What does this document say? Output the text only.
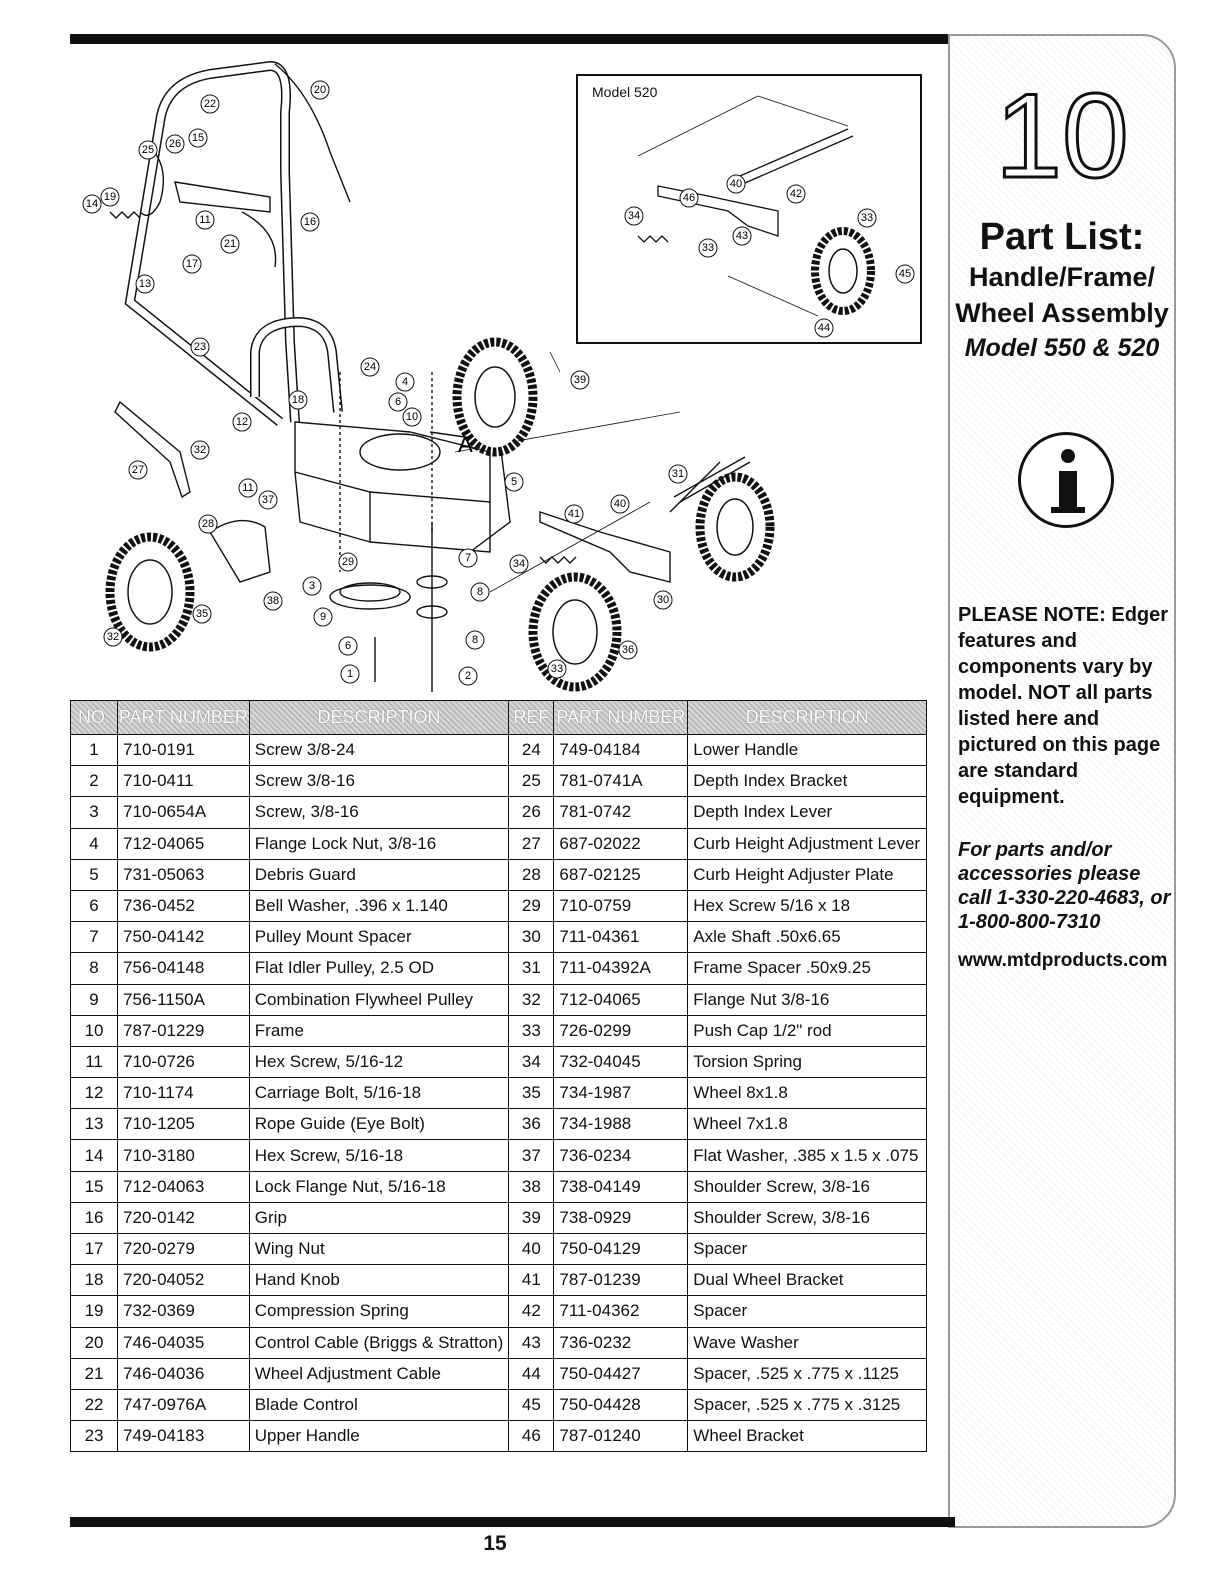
A
20
22
25 26 15
19
14
11
21
16
17
13
23
24
4
6
10
18
12
39
32
27
11
37
5
31
28
40
41
29	7	34
3	8
30
35
38
9
8
6	36
32
33
1	2
Model 520
46
40
42
34
43
33
33
45
44
NO.	PART NUMBER	DESCRIPTION	REF	PART NUMBER	DESCRIPTION
1	710-0191	Screw 3/8-24	24	749-04184	Lower Handle
2	710-0411	Screw 3/8-16	25	781-0741A	Depth Index Bracket
3	710-0654A	Screw, 3/8-16	26	781-0742	Depth Index Lever
4	712-04065	Flange Lock Nut, 3/8-16	27	687-02022	Curb Height Adjustment Lever
5	731-05063	Debris Guard	28	687-02125	Curb Height Adjuster Plate
6	736-0452	Bell Washer, .396 x 1.140	29	710-0759	Hex Screw 5/16 x 18
7	750-04142	Pulley Mount Spacer	30	711-04361	Axle Shaft .50x6.65
8	756-04148	Flat Idler Pulley, 2.5 OD	31	711-04392A	Frame Spacer .50x9.25
9	756-1150A	Combination Flywheel Pulley	32	712-04065	Flange Nut 3/8-16
10	787-01229	Frame	33	726-0299	Push Cap 1/2" rod
11	710-0726	Hex Screw, 5/16-12	34	732-04045	Torsion Spring
12	710-1174	Carriage Bolt, 5/16-18	35	734-1987	Wheel 8x1.8
13	710-1205	Rope Guide (Eye Bolt)	36	734-1988	Wheel 7x1.8
14	710-3180	Hex Screw, 5/16-18	37	736-0234	Flat Washer, .385 x 1.5 x .075
15	712-04063	Lock Flange Nut, 5/16-18	38	738-04149	Shoulder Screw, 3/8-16
16	720-0142	Grip	39	738-0929	Shoulder Screw, 3/8-16
17	720-0279	Wing Nut	40	750-04129	Spacer
18	720-04052	Hand Knob	41	787-01239	Dual Wheel Bracket
19	732-0369	Compression Spring	42	711-04362	Spacer
20	746-04035	Control Cable (Briggs & Stratton)	43	736-0232	Wave Washer
21	746-04036	Wheel Adjustment Cable	44	750-04427	Spacer, .525 x .775 x .1125
22	747-0976A	Blade Control	45	750-04428	Spacer, .525 x .775 x .3125
23	749-04183	Upper Handle	46	787-01240	Wheel Bracket
10
Part List:
Handle/Frame/
Wheel Assembly
Model 550 & 520
PLEASE NOTE: Edger features and components vary by model. NOT all parts listed here and pictured on this page are standard equipment.
For parts and/or accessories please call 1-330-220-4683, or 1-800-800-7310
www.mtdproducts.com
15
